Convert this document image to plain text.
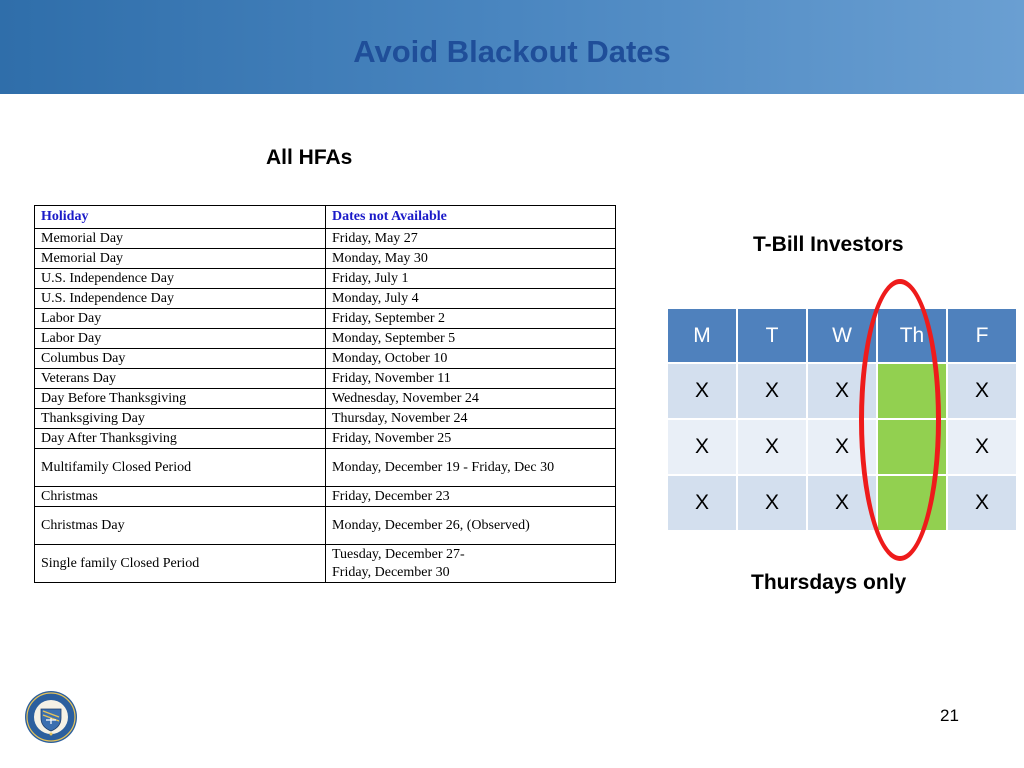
Avoid Blackout Dates
All HFAs
Holiday	Dates not Available
Memorial Day	Friday, May 27
Memorial Day	Monday, May 30
U.S. Independence Day	Friday, July 1
U.S. Independence Day	Monday, July 4
Labor Day	Friday, September 2
Labor Day	Monday, September 5
Columbus Day	Monday, October 10
Veterans Day	Friday, November 11
Day Before Thanksgiving	Wednesday, November 24
Thanksgiving Day	Thursday, November 24
Day After Thanksgiving	Friday, November 25
Multifamily Closed Period	Monday, December 19 - Friday, Dec 30
Christmas	Friday, December 23
Christmas Day	Monday, December 26, (Observed)
Single family Closed Period	Tuesday, December 27-
Friday, December 30
T-Bill Investors
M	T	W	Th	F
X	X	X		X
X	X	X		X
X	X	X		X
Thursdays only
21
